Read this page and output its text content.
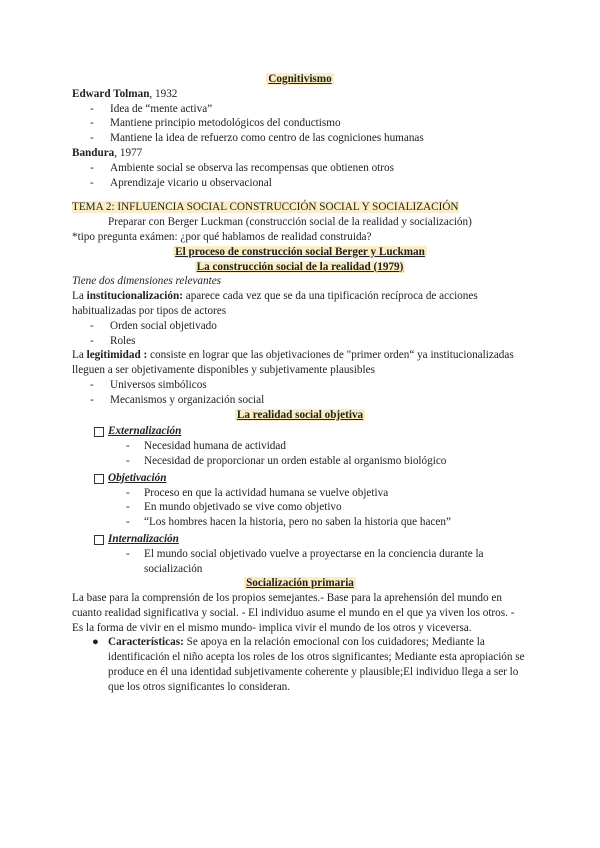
Cognitivismo
Edward Tolman, 1932
- Idea de “mente activa”
- Mantiene principio metodológicos del conductismo
- Mantiene la idea de refuerzo como centro de las cogniciones humanas
Bandura, 1977
- Ambiente social se observa las recompensas que obtienen otros
- Aprendizaje vicario u observacional
TEMA 2: INFLUENCIA SOCIAL CONSTRUCCIÓN SOCIAL Y SOCIALIZACIÓN
Preparar con Berger Luckman (construcción social de la realidad y socialización)
*tipo pregunta exámen: ¿por qué hablamos de realidad construida?
El proceso de construcción social Berger y Luckman
La construcción social de la realidad (1979)
Tiene dos dimensiones relevantes
La institucionalización: aparece cada vez que se da una tipificación recíproca de acciones habitualizadas por tipos de actores
- Orden social objetivado
- Roles
La legitimidad : consiste en lograr que las objetivaciones de "primer orden“ ya institucionalizadas lleguen a ser objetivamente disponibles y subjetivamente plausibles
- Universos simbólicos
- Mecanismos y organización social
La realidad social objetiva
Externalización
- Necesidad humana de actividad
- Necesidad de proporcionar un orden estable al organismo biológico
Objetivación
- Proceso en que la actividad humana se vuelve objetiva
- En mundo objetivado se vive como objetivo
- “Los hombres hacen la historia, pero no saben la historia que hacen”
Internalización
- El mundo social objetivado vuelve a proyectarse en la conciencia durante la socialización
Socialización primaria
La base para la comprensión de los propios semejantes.- Base para la aprehensión del mundo en cuanto realidad significativa y social. - El individuo asume el mundo en el que ya viven los otros. - Es la forma de vivir en el mismo mundo- implica vivir el mundo de los otros y viceversa.
● Características: Se apoya en la relación emocional con los cuidadores; Mediante la identificación el niño acepta los roles de los otros significantes; Mediante esta apropiación se produce en él una identidad subjetivamente coherente y plausible;El individuo llega a ser lo que los otros significantes lo consideran.
